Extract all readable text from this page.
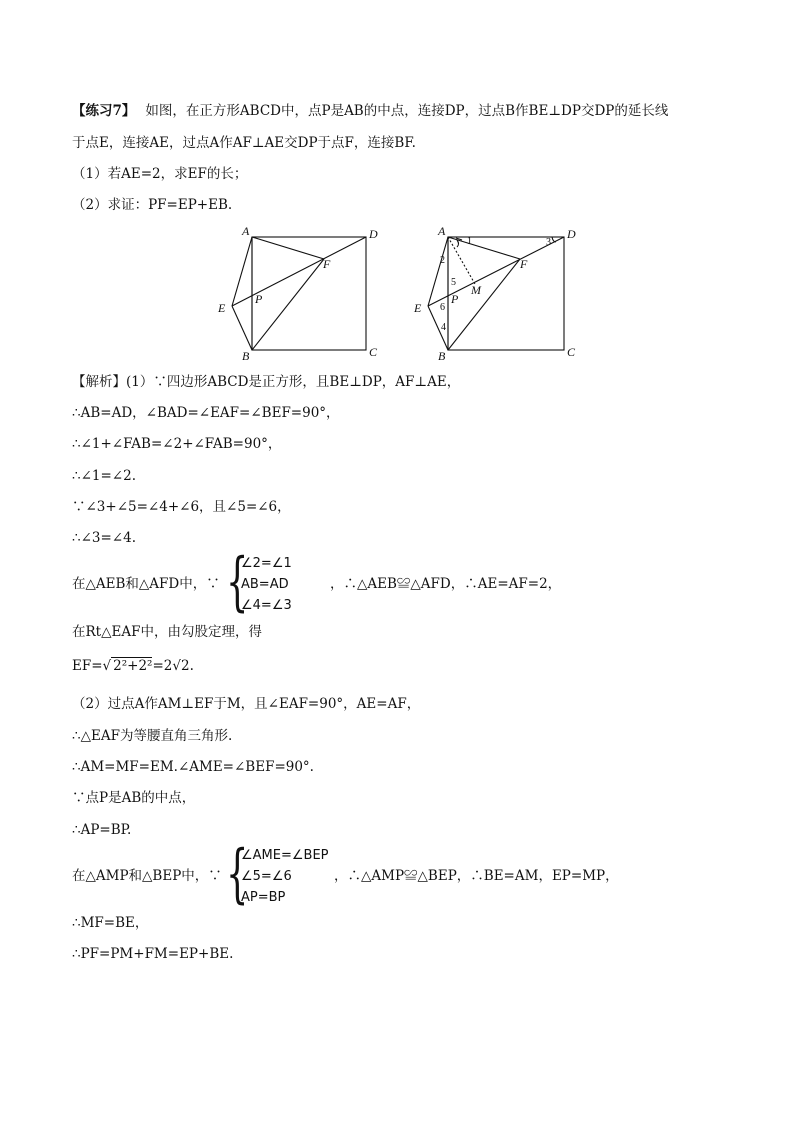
【练习7】 如图，在正方形ABCD中，点P是AB的中点，连接DP，过点B作BE⊥DP交DP的延长线
于点E，连接AE，过点A作AF⊥AE交DP于点F，连接BF.
（1）若AE=2，求EF的长；
（2）求证：PF=EP+EB.
A	D
F
P
E
B	C
A	D
F
M
P
E
B	C
1
2
3
5
6
4
【解析】(1）∵四边形ABCD是正方形，且BE⊥DP，AF⊥AE，
∴AB=AD，∠BAD=∠EAF=∠BEF=90°，
∴∠1+∠FAB=∠2+∠FAB=90°，
∴∠1=∠2.
∵∠3+∠5=∠4+∠6，且∠5=∠6，
∴∠3=∠4.
在△AEB和△AFD中，∵ {
∠2=∠1
AB=AD
∠4=∠3
，∴△AEB≌△AFD，∴AE=AF=2，
在Rt△EAF中，由勾股定理，得
EF=√ 2²+2²=2√2.
（2）过点A作AM⊥EF于M，且∠EAF=90°，AE=AF，
∴△EAF为等腰直角三角形.
∴AM=MF=EM.∠AME=∠BEF=90°.
∵点P是AB的中点，
∴AP=BP.
在△AMP和△BEP中，∵ {
∠AME=∠BEP
∠5=∠6
AP=BP
，∴△AMP≌△BEP，∴BE=AM，EP=MP，
∴MF=BE，
∴PF=PM+FM=EP+BE.
